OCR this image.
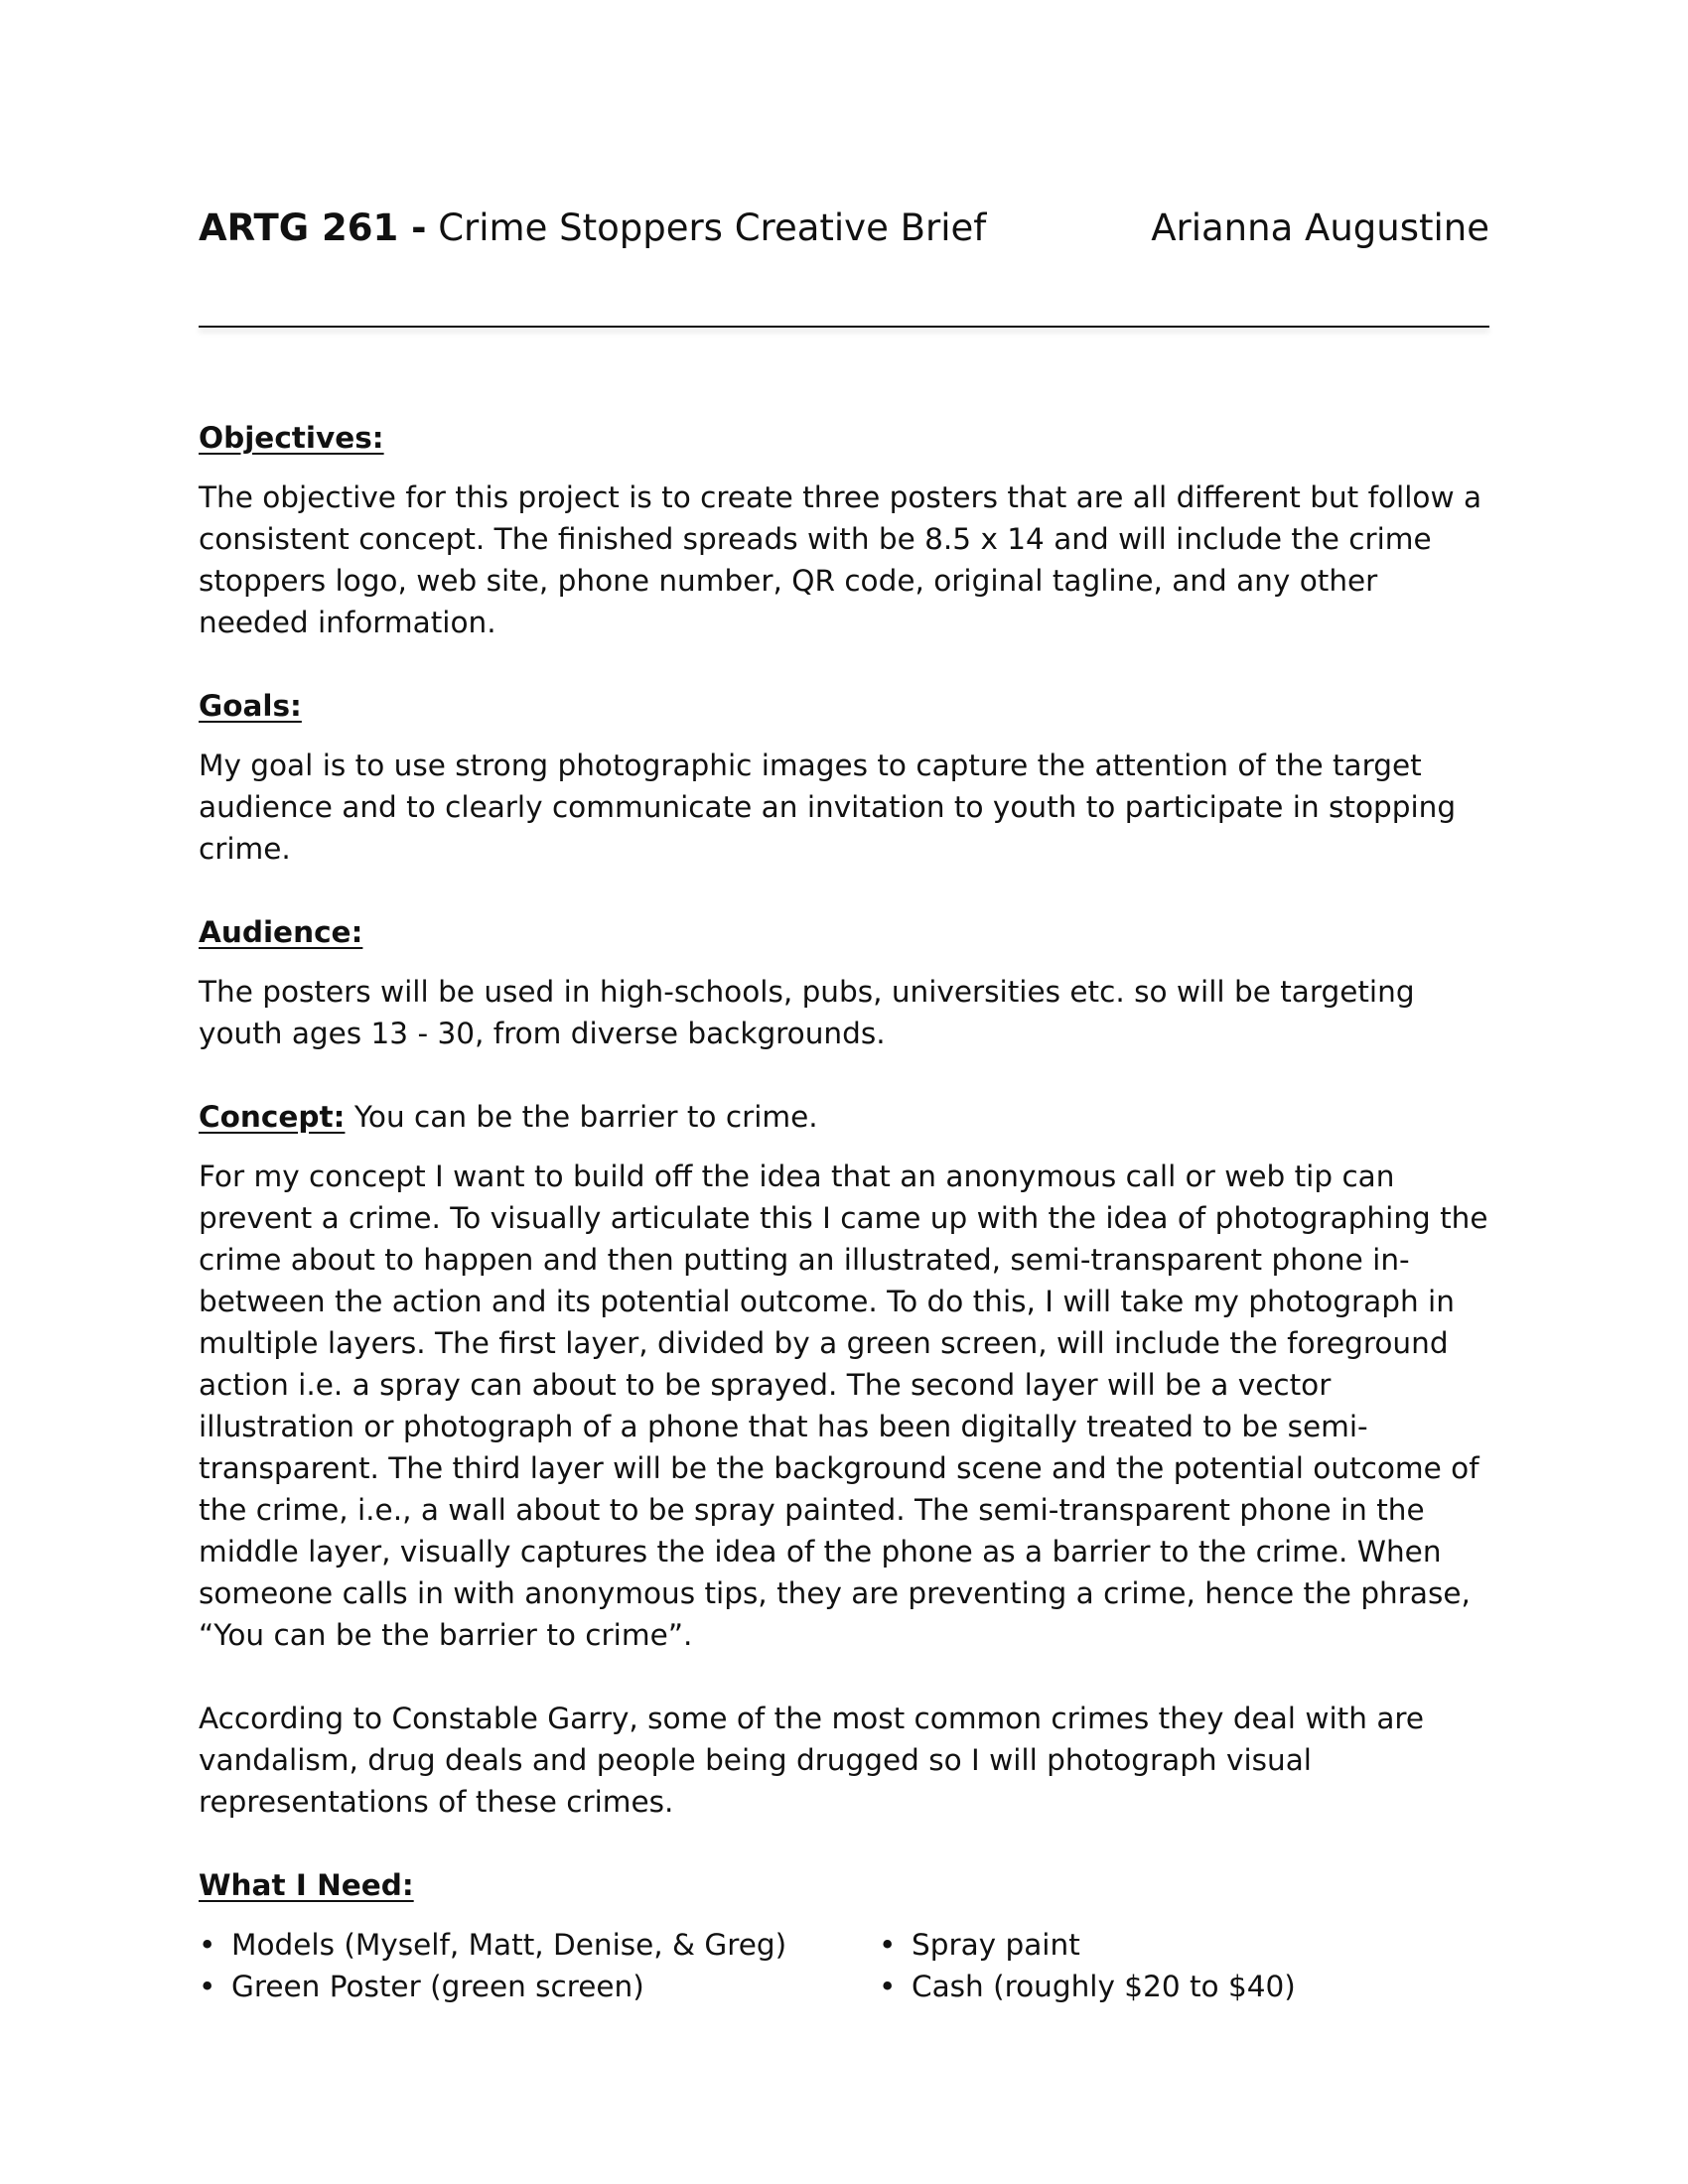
ARTG 261 - Crime Stoppers Creative Brief	Arianna Augustine

Objectives:

The objective for this project is to create three posters that are all different but follow a consistent concept. The finished spreads with be 8.5 x 14 and will include the crime stoppers logo, web site, phone number, QR code, original tagline, and any other needed information.

Goals:

My goal is to use strong photographic images to capture the attention of the target audience and to clearly communicate an invitation to youth to participate in stopping crime.

Audience:

The posters will be used in high-schools, pubs, universities etc. so will be targeting youth ages 13 - 30, from diverse backgrounds.

Concept: You can be the barrier to crime.

For my concept I want to build off the idea that an anonymous call or web tip can prevent a crime. To visually articulate this I came up with the idea of photographing the crime about to happen and then putting an illustrated, semi-transparent phone in-between the action and its potential outcome. To do this, I will take my photograph in multiple layers. The first layer, divided by a green screen, will include the foreground action i.e. a spray can about to be sprayed. The second layer will be a vector illustration or photograph of a phone that has been digitally treated to be semi-transparent. The third layer will be the background scene and the potential outcome of the crime, i.e., a wall about to be spray painted. The semi-transparent phone in the middle layer, visually captures the idea of the phone as a barrier to the crime. When someone calls in with anonymous tips, they are preventing a crime, hence the phrase, “You can be the barrier to crime”.

According to Constable Garry, some of the most common crimes they deal with are vandalism, drug deals and people being drugged so I will photograph visual representations of these crimes.

What I Need:

• Models (Myself, Matt, Denise, & Greg)
• Green Poster (green screen)
• Spray paint
• Cash (roughly $20 to $40)
